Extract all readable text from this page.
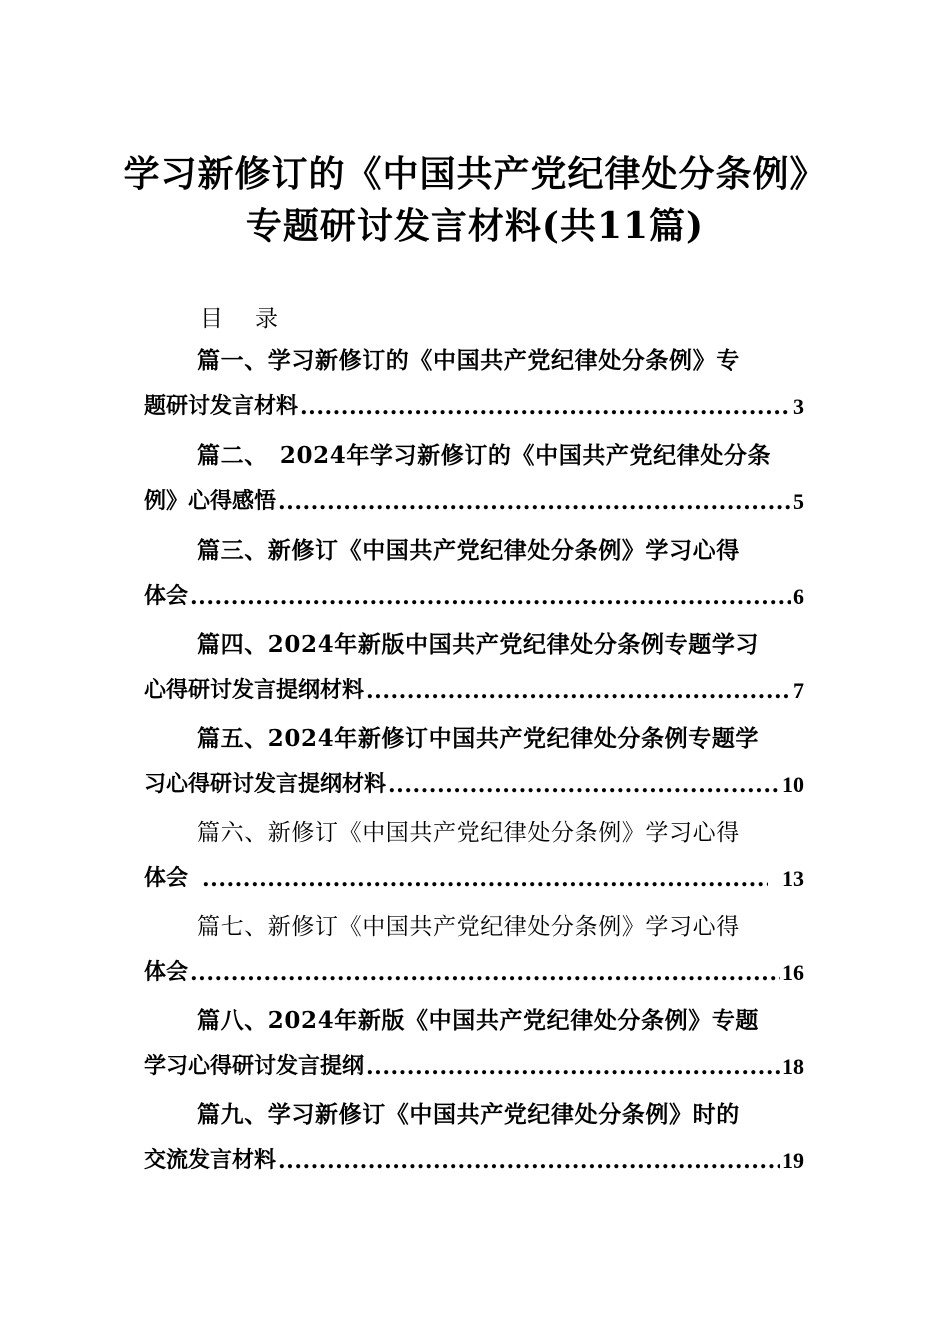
学习新修订的《中国共产党纪律处分条例》
专题研讨发言材料(共11篇)
目录
篇一、学习新修订的《中国共产党纪律处分条例》专
题研讨发言材料 .....	3
篇二、　2024年学习新修订的《中国共产党纪律处分条
例》心得感悟 .....	5
篇三、新修订《中国共产党纪律处分条例》学习心得
体会 .....	6
篇四、2024年新版中国共产党纪律处分条例专题学习
心得研讨发言提纲材料 .....	7
篇五、2024年新修订中国共产党纪律处分条例专题学
习心得研讨发言提纲材料 .....	10
篇六、新修订《中国共产党纪律处分条例》学习心得
体会 .....	13
篇七、新修订《中国共产党纪律处分条例》学习心得
体会 .....	16
篇八、2024年新版《中国共产党纪律处分条例》专题
学习心得研讨发言提纲 .....	18
篇九、学习新修订《中国共产党纪律处分条例》时的
交流发言材料 .....	19
